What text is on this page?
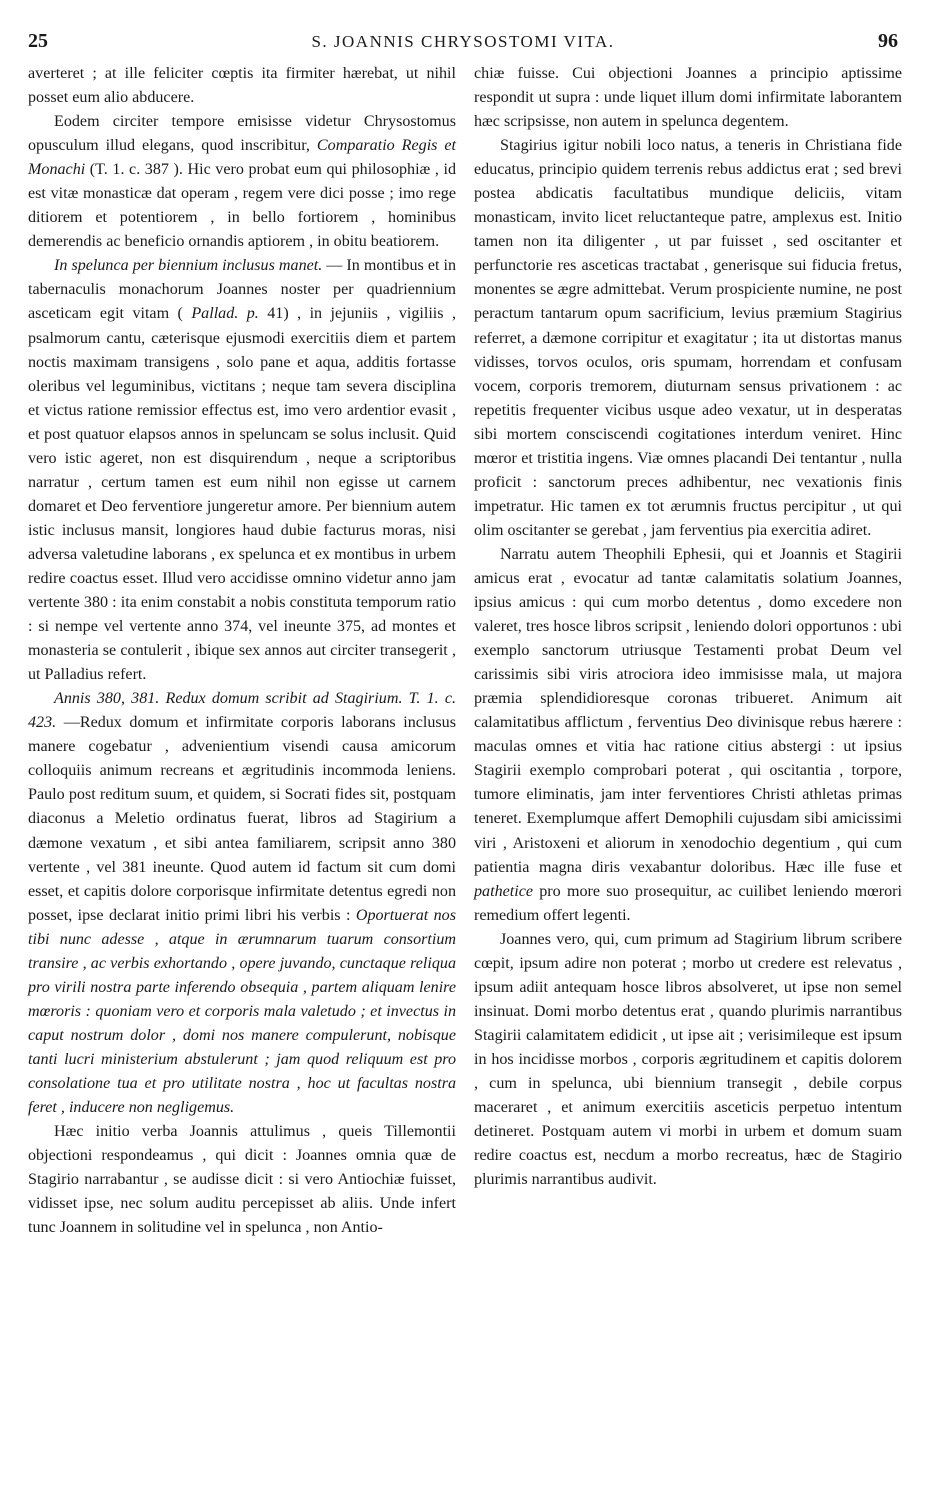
25	S. JOANNIS CHRYSOSTOMI VITA.	96

averteret ; at ille feliciter cœptis ita firmiter hærebat, ut nihil posset eum alio abducere.

Eodem circiter tempore emisisse videtur Chrysostomus opusculum illud elegans, quod inscribitur, Comparatio Regis et Monachi (T. 1. c. 387 ). Hic vero probat eum qui philosophiæ , id est vitæ monasticæ dat operam , regem vere dici posse ; imo rege ditiorem et potentiorem , in bello fortiorem , hominibus demerendis ac beneficio ornandis aptiorem , in obitu beatiorem.

In spelunca per biennium inclusus manet. — In montibus et in tabernaculis monachorum Joannes noster per quadriennium asceticam egit vitam ( Pallad. p. 41) , in jejuniis , vigiliis , psalmorum cantu, cæterisque ejusmodi exercitiis diem et partem noctis maximam transigens , solo pane et aqua, additis fortasse oleribus vel leguminibus, victitans ; neque tam severa disciplina et victus ratione remissior effectus est, imo vero ardentior evasit , et post quatuor elapsos annos in speluncam se solus inclusit. Quid vero istic ageret, non est disquirendum , neque a scriptoribus narratur , certum tamen est eum nihil non egisse ut carnem domaret et Deo ferventiore jungeretur amore. Per biennium autem istic inclusus mansit, longiores haud dubie facturus moras, nisi adversa valetudine laborans , ex spelunca et ex montibus in urbem redire coactus esset. Illud vero accidisse omnino videtur anno jam vertente 380 : ita enim constabit a nobis constituta temporum ratio : si nempe vel vertente anno 374, vel ineunte 375, ad montes et monasteria se contulerit , ibique sex annos aut circiter transegerit , ut Palladius refert.

Annis 380, 381. Redux domum scribit ad Stagirium. T. 1. c. 423. —Redux domum et infirmitate corporis laborans inclusus manere cogebatur , advenientium visendi causa amicorum colloquiis animum recreans et ægritudinis incommoda leniens. Paulo post reditum suum, et quidem, si Socrati fides sit, postquam diaconus a Meletio ordinatus fuerat, libros ad Stagirium a dæmone vexatum , et sibi antea familiarem, scripsit anno 380 vertente , vel 381 ineunte. Quod autem id factum sit cum domi esset, et capitis dolore corporisque infirmitate detentus egredi non posset, ipse declarat initio primi libri his verbis : Oportuerat nos tibi nunc adesse , atque in ærumnarum tuarum consortium transire , ac verbis exhortando , opere juvando, cunctaque reliqua pro virili nostra parte inferendo obsequia , partem aliquam lenire mœroris : quoniam vero et corporis mala valetudo ; et invectus in caput nostrum dolor , domi nos manere compulerunt, nobisque tanti lucri ministerium abstulerunt ; jam quod reliquum est pro consolatione tua et pro utilitate nostra , hoc ut facultas nostra feret , inducere non negligemus.

Hæc initio verba Joannis attulimus , queis Tillemontii objectioni respondeamus , qui dicit : Joannes omnia quæ de Stagirio narrabantur , se audisse dicit : si vero Antiochiæ fuisset, vidisset ipse, nec solum auditu percepisset ab aliis. Unde infert tunc Joannem in solitudine vel in spelunca , non Antio-

chiæ fuisse. Cui objectioni Joannes a principio aptissime respondit ut supra : unde liquet illum domi infirmitate laborantem hæc scripsisse, non autem in spelunca degentem.

Stagirius igitur nobili loco natus, a teneris in Christiana fide educatus, principio quidem terrenis rebus addictus erat ; sed brevi postea abdicatis facultatibus mundique deliciis, vitam monasticam, invito licet reluctanteque patre, amplexus est. Initio tamen non ita diligenter , ut par fuisset , sed oscitanter et perfunctorie res asceticas tractabat , generisque sui fiducia fretus, monentes se ægre admittebat. Verum prospiciente numine, ne post peractum tantarum opum sacrificium, levius præmium Stagirius referret, a dæmone corripitur et exagitatur ; ita ut distortas manus vidisses, torvos oculos, oris spumam, horrendam et confusam vocem, corporis tremorem, diuturnam sensus privationem : ac repetitis frequenter vicibus usque adeo vexatur, ut in desperatas sibi mortem consciscendi cogitationes interdum veniret. Hinc mœror et tristitia ingens. Viæ omnes placandi Dei tentantur , nulla proficit : sanctorum preces adhibentur, nec vexationis finis impetratur. Hic tamen ex tot ærumnis fructus percipitur , ut qui olim oscitanter se gerebat , jam ferventius pia exercitia adiret.

Narratu autem Theophili Ephesii, qui et Joannis et Stagirii amicus erat , evocatur ad tantæ calamitatis solatium Joannes, ipsius amicus : qui cum morbo detentus , domo excedere non valeret, tres hosce libros scripsit , leniendo dolori opportunos : ubi exemplo sanctorum utriusque Testamenti probat Deum vel carissimis sibi viris atrociora ideo immisisse mala, ut majora præmia splendidioresque coronas tribueret. Animum ait calamitatibus afflictum , ferventius Deo divinisque rebus hærere : maculas omnes et vitia hac ratione citius abstergi : ut ipsius Stagirii exemplo comprobari poterat , qui oscitantia , torpore, tumore eliminatis, jam inter ferventiores Christi athletas primas teneret. Exemplumque affert Demophili cujusdam sibi amicissimi viri , Aristoxeni et aliorum in xenodochio degentium , qui cum patientia magna diris vexabantur doloribus. Hæc ille fuse et pathetice pro more suo prosequitur, ac cuilibet leniendo mœrori remedium offert legenti.

Joannes vero, qui, cum primum ad Stagirium librum scribere cœpit, ipsum adire non poterat ; morbo ut credere est relevatus , ipsum adiit antequam hosce libros absolveret, ut ipse non semel insinuat. Domi morbo detentus erat , quando plurimis narrantibus Stagirii calamitatem edidicit , ut ipse ait ; verisimileque est ipsum in hos incidisse morbos , corporis ægritudinem et capitis dolorem , cum in spelunca, ubi biennium transegit , debile corpus maceraret , et animum exercitiis asceticis perpetuo intentum detineret. Postquam autem vi morbi in urbem et domum suam redire coactus est, necdum a morbo recreatus, hæc de Stagirio plurimis narrantibus audivit.
